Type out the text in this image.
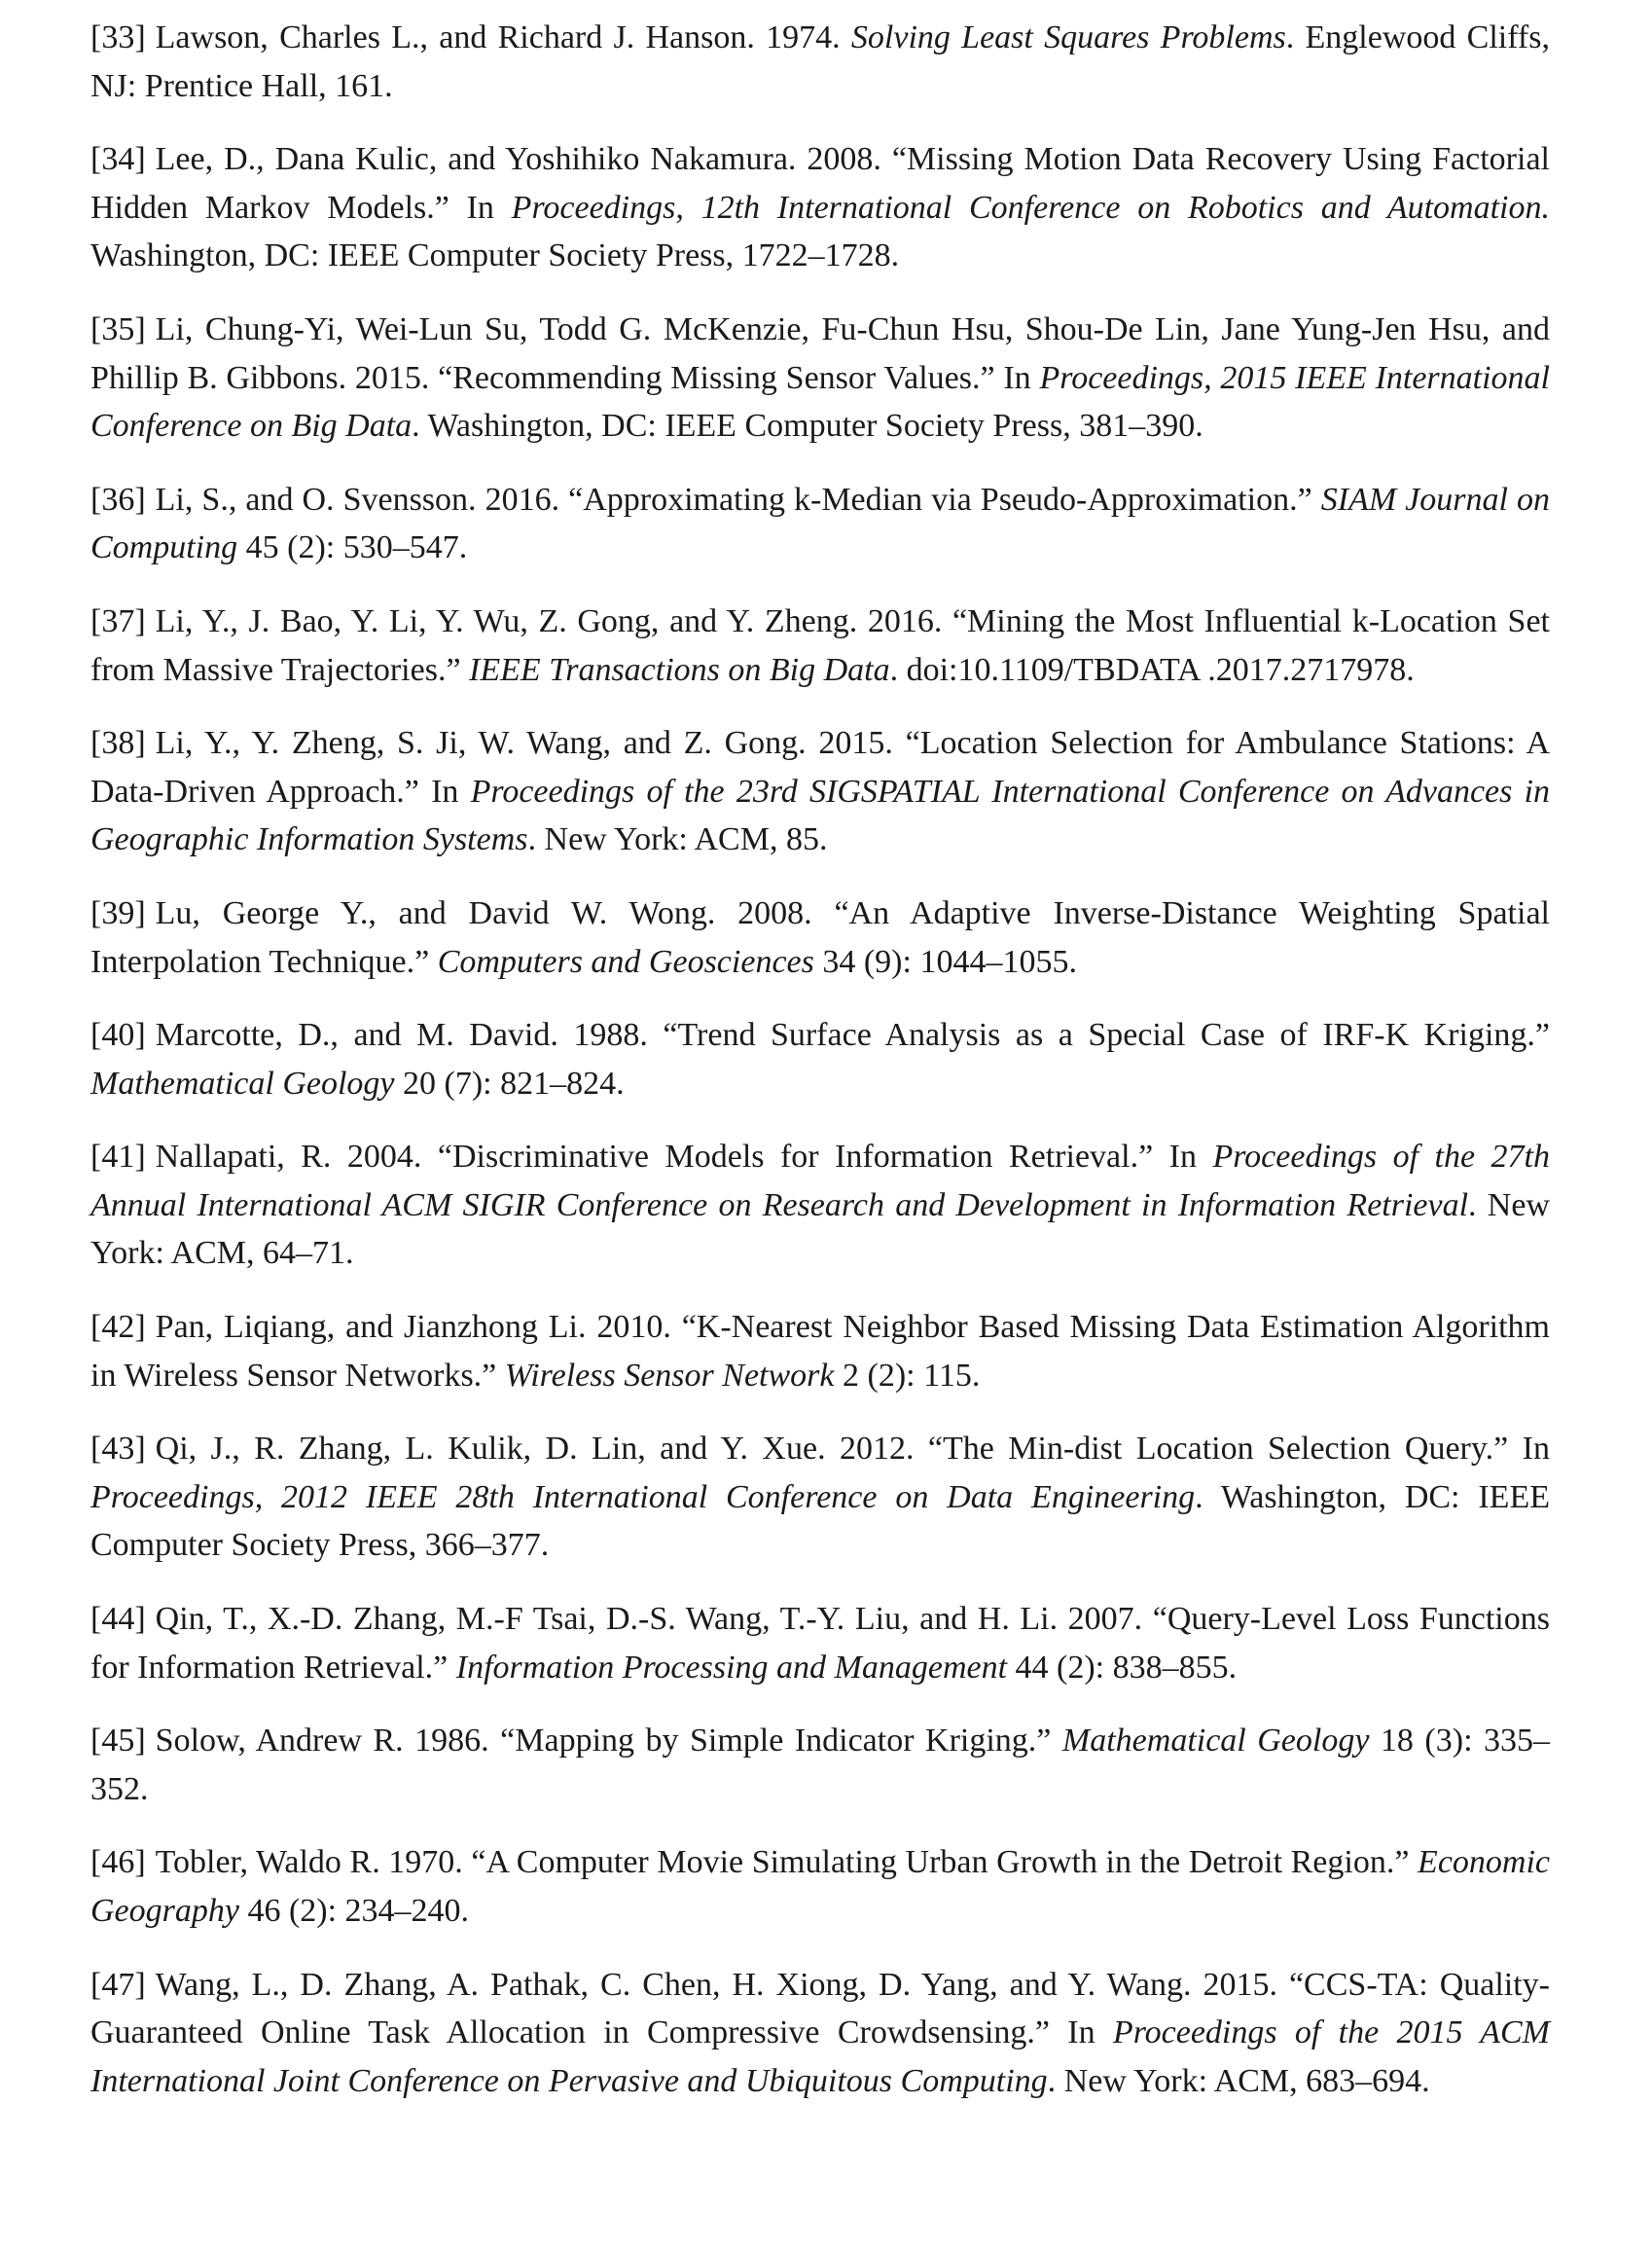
[33] Lawson, Charles L., and Richard J. Hanson. 1974. Solving Least Squares Problems. Englewood Cliffs, NJ: Prentice Hall, 161.

[34] Lee, D., Dana Kulic, and Yoshihiko Nakamura. 2008. “Missing Motion Data Recovery Using Factorial Hidden Markov Models.” In Proceedings, 12th International Conference on Robotics and Automation. Washington, DC: IEEE Computer Society Press, 1722–1728.

[35] Li, Chung-Yi, Wei-Lun Su, Todd G. McKenzie, Fu-Chun Hsu, Shou-De Lin, Jane Yung-Jen Hsu, and Phillip B. Gibbons. 2015. “Recommending Missing Sensor Values.” In Proceedings, 2015 IEEE International Conference on Big Data. Washington, DC: IEEE Computer Society Press, 381–390.

[36] Li, S., and O. Svensson. 2016. “Approximating k-Median via Pseudo-Approximation.” SIAM Journal on Computing 45 (2): 530–547.

[37] Li, Y., J. Bao, Y. Li, Y. Wu, Z. Gong, and Y. Zheng. 2016. “Mining the Most Influential k-Location Set from Massive Trajectories.” IEEE Transactions on Big Data. doi:10.1109/TBDATA .2017.2717978.

[38] Li, Y., Y. Zheng, S. Ji, W. Wang, and Z. Gong. 2015. “Location Selection for Ambulance Stations: A Data-Driven Approach.” In Proceedings of the 23rd SIGSPATIAL International Conference on Advances in Geographic Information Systems. New York: ACM, 85.

[39] Lu, George Y., and David W. Wong. 2008. “An Adaptive Inverse-Distance Weighting Spatial Interpolation Technique.” Computers and Geosciences 34 (9): 1044–1055.

[40] Marcotte, D., and M. David. 1988. “Trend Surface Analysis as a Special Case of IRF-K Kriging.” Mathematical Geology 20 (7): 821–824.

[41] Nallapati, R. 2004. “Discriminative Models for Information Retrieval.” In Proceedings of the 27th Annual International ACM SIGIR Conference on Research and Development in Information Retrieval. New York: ACM, 64–71.

[42] Pan, Liqiang, and Jianzhong Li. 2010. “K-Nearest Neighbor Based Missing Data Estimation Algorithm in Wireless Sensor Networks.” Wireless Sensor Network 2 (2): 115.

[43] Qi, J., R. Zhang, L. Kulik, D. Lin, and Y. Xue. 2012. “The Min-dist Location Selection Query.” In Proceedings, 2012 IEEE 28th International Conference on Data Engineering. Washington, DC: IEEE Computer Society Press, 366–377.

[44] Qin, T., X.-D. Zhang, M.-F Tsai, D.-S. Wang, T.-Y. Liu, and H. Li. 2007. “Query-Level Loss Functions for Information Retrieval.” Information Processing and Management 44 (2): 838–855.

[45] Solow, Andrew R. 1986. “Mapping by Simple Indicator Kriging.” Mathematical Geology 18 (3): 335–352.

[46] Tobler, Waldo R. 1970. “A Computer Movie Simulating Urban Growth in the Detroit Region.” Economic Geography 46 (2): 234–240.

[47] Wang, L., D. Zhang, A. Pathak, C. Chen, H. Xiong, D. Yang, and Y. Wang. 2015. “CCS-TA: Quality-Guaranteed Online Task Allocation in Compressive Crowdsensing.” In Proceedings of the 2015 ACM International Joint Conference on Pervasive and Ubiquitous Computing. New York: ACM, 683–694.
